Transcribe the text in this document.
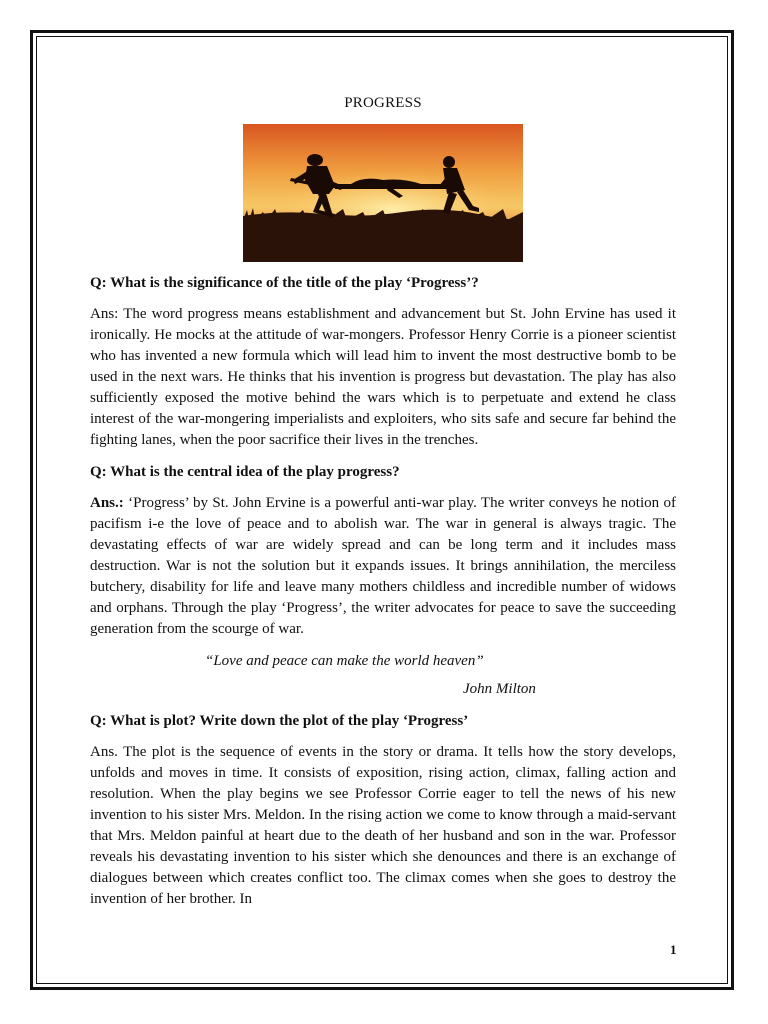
PROGRESS

Q: What is the significance of the title of the play ‘Progress’?

Ans: The word progress means establishment and advancement but St. John Ervine has used it ironically. He mocks at the attitude of war-mongers. Professor Henry Corrie is a pioneer scientist who has invented a new formula which will lead him to invent the most destructive bomb to be used in the next wars. He thinks that his invention is progress but devastation. The play has also sufficiently exposed the motive behind the wars which is to perpetuate and extend he class interest of the war-mongering imperialists and exploiters, who sits safe and secure far behind the fighting lanes, when the poor sacrifice their lives in the trenches.

Q: What is the central idea of the play progress?

Ans.: ‘Progress’ by St. John Ervine is a powerful anti-war play. The writer conveys he notion of pacifism i-e the love of peace and to abolish war. The war in general is always tragic. The devastating effects of war are widely spread and can be long term and it includes mass destruction. War is not the solution but it expands issues. It brings annihilation, the merciless butchery, disability for life and leave many mothers childless and incredible number of widows and orphans. Through the play ‘Progress’, the writer advocates for peace to save the succeeding generation from the scourge of war.

“Love and peace can make the world heaven”

John Milton

Q: What is plot? Write down the plot of the play ‘Progress’

Ans. The plot is the sequence of events in the story or drama. It tells how the story develops, unfolds and moves in time. It consists of exposition, rising action, climax, falling action and resolution. When the play begins we see Professor Corrie eager to tell the news of his new invention to his sister Mrs. Meldon. In the rising action we come to know through a maid-servant that Mrs. Meldon painful at heart due to the death of her husband and son in the war. Professor reveals his devastating invention to his sister which she denounces and there is an exchange of dialogues between which creates conflict too. The climax comes when she goes to destroy the invention of her brother. In

1
